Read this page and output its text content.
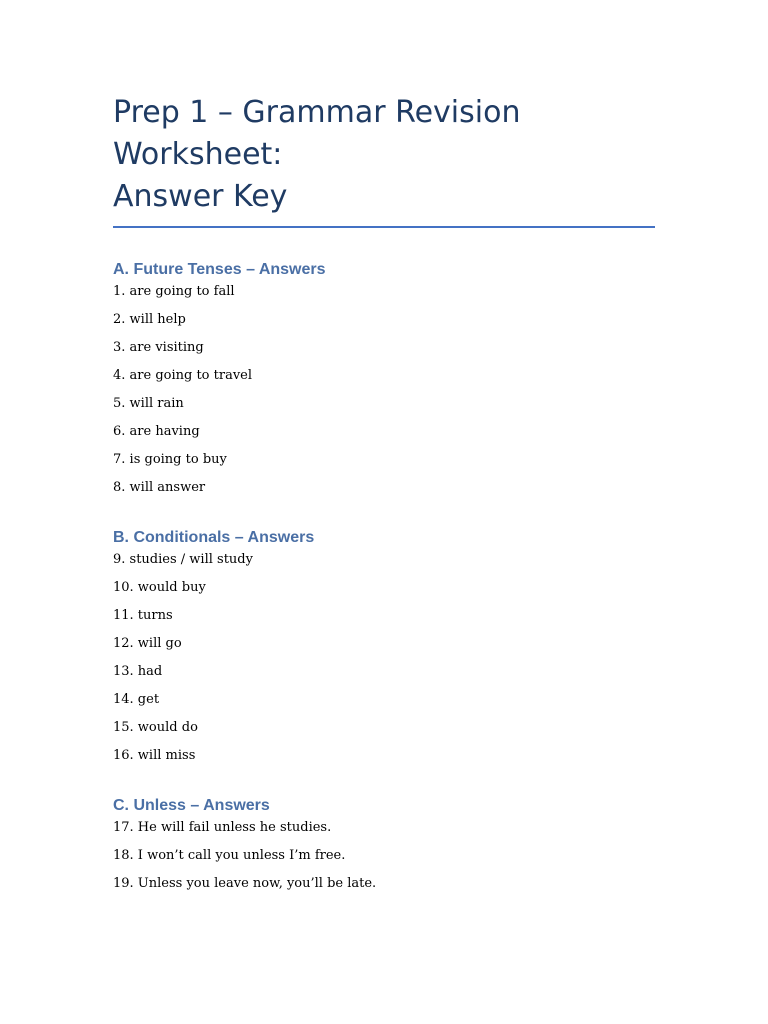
Prep 1 – Grammar Revision Worksheet:
Answer Key
A. Future Tenses – Answers
1. are going to fall
2. will help
3. are visiting
4. are going to travel
5. will rain
6. are having
7. is going to buy
8. will answer
B. Conditionals – Answers
9. studies / will study
10. would buy
11. turns
12. will go
13. had
14. get
15. would do
16. will miss
C. Unless – Answers
17. He will fail unless he studies.
18. I won’t call you unless I’m free.
19. Unless you leave now, you’ll be late.
